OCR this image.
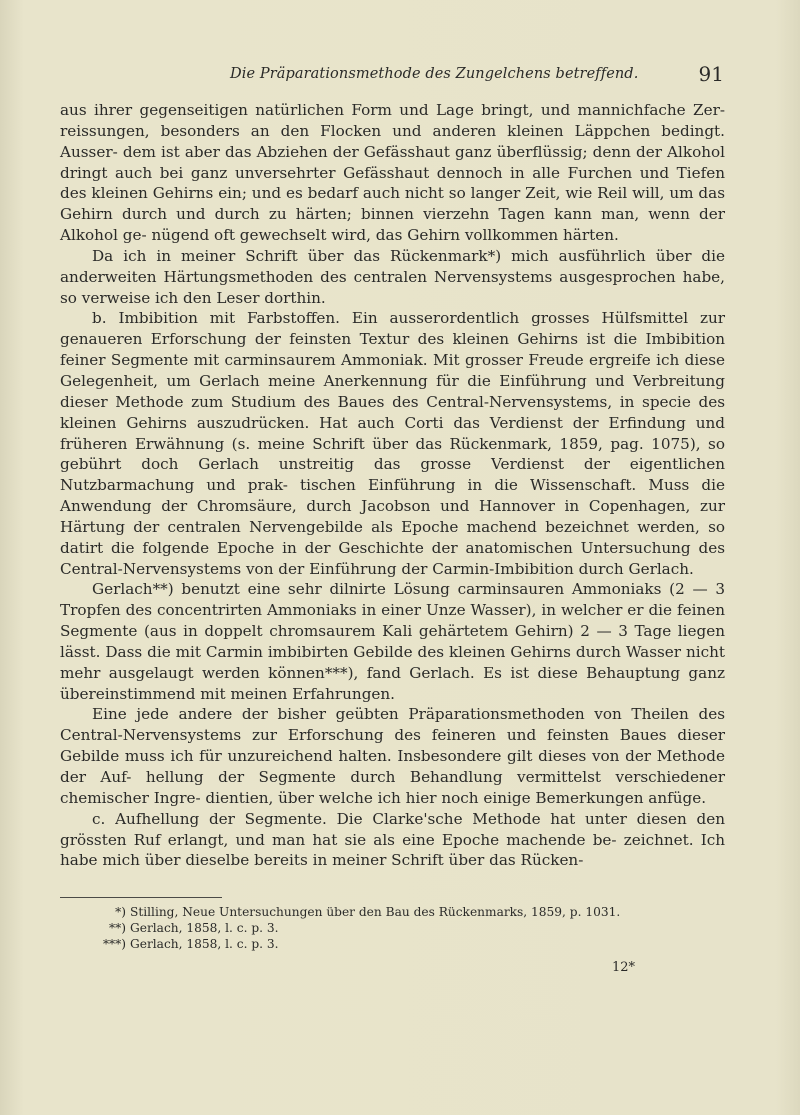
Die Präparationsmethode des Zungelchens betreffend.	91

aus ihrer gegenseitigen natürlichen Form und Lage bringt, und mannichfache Zer- reissungen, besonders an den Flocken und anderen kleinen Läppchen bedingt. Ausser- dem ist aber das Abziehen der Gefässhaut ganz überflüssig; denn der Alkohol dringt auch bei ganz unversehrter Gefässhaut dennoch in alle Furchen und Tiefen des kleinen Gehirns ein; und es bedarf auch nicht so langer Zeit, wie Reil will, um das Gehirn durch und durch zu härten; binnen vierzehn Tagen kann man, wenn der Alkohol ge- nügend oft gewechselt wird, das Gehirn vollkommen härten.

Da ich in meiner Schrift über das Rückenmark*) mich ausführlich über die anderweiten Härtungsmethoden des centralen Nervensystems ausgesprochen habe, so verweise ich den Leser dorthin.

b. Imbibition mit Farbstoffen. Ein ausserordentlich grosses Hülfsmittel zur genaueren Erforschung der feinsten Textur des kleinen Gehirns ist die Imbibition feiner Segmente mit carminsaurem Ammoniak. Mit grosser Freude ergreife ich diese Gelegenheit, um Gerlach meine Anerkennung für die Einführung und Verbreitung dieser Methode zum Studium des Baues des Central-Nervensystems, in specie des kleinen Gehirns auszudrücken. Hat auch Corti das Verdienst der Erfindung und früheren Erwähnung (s. meine Schrift über das Rückenmark, 1859, pag. 1075), so gebührt doch Gerlach unstreitig das grosse Verdienst der eigentlichen Nutzbarmachung und prak- tischen Einführung in die Wissenschaft. Muss die Anwendung der Chromsäure, durch Jacobson und Hannover in Copenhagen, zur Härtung der centralen Nervengebilde als Epoche machend bezeichnet werden, so datirt die folgende Epoche in der Geschichte der anatomischen Untersuchung des Central-Nervensystems von der Einführung der Carmin-Imbibition durch Gerlach.

Gerlach**) benutzt eine sehr dilnirte Lösung carminsauren Ammoniaks (2 — 3 Tropfen des concentrirten Ammoniaks in einer Unze Wasser), in welcher er die feinen Segmente (aus in doppelt chromsaurem Kali gehärtetem Gehirn) 2 — 3 Tage liegen lässt. Dass die mit Carmin imbibirten Gebilde des kleinen Gehirns durch Wasser nicht mehr ausgelaugt werden können***), fand Gerlach. Es ist diese Behauptung ganz übereinstimmend mit meinen Erfahrungen.

Eine jede andere der bisher geübten Präparationsmethoden von Theilen des Central-Nervensystems zur Erforschung des feineren und feinsten Baues dieser Gebilde muss ich für unzureichend halten. Insbesondere gilt dieses von der Methode der Auf- hellung der Segmente durch Behandlung vermittelst verschiedener chemischer Ingre- dientien, über welche ich hier noch einige Bemerkungen anfüge.

c. Aufhellung der Segmente. Die Clarke'sche Methode hat unter diesen den grössten Ruf erlangt, und man hat sie als eine Epoche machende be- zeichnet. Ich habe mich über dieselbe bereits in meiner Schrift über das Rücken-

*) Stilling, Neue Untersuchungen über den Bau des Rückenmarks, 1859, p. 1031.
**) Gerlach, 1858, l. c. p. 3.
***) Gerlach, 1858, l. c. p. 3.
12*
